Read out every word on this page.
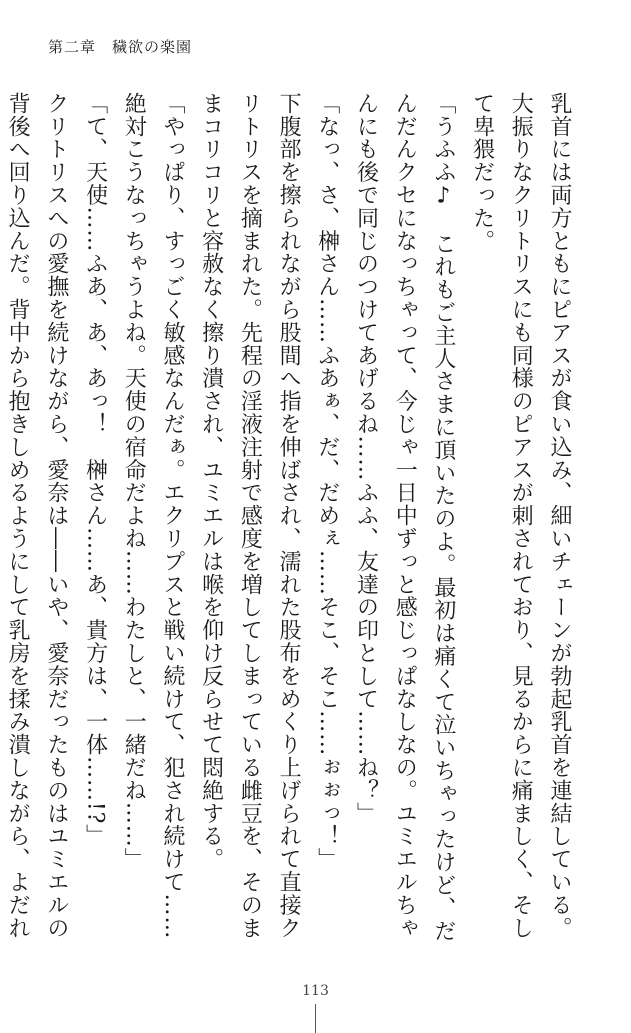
第二章 穢欲の楽園

乳首には両方ともにピアスが食い込み、細いチェーンが勃起乳首を連結している。大振りなクリトリスにも同様のピアスが刺されており、見るからに痛ましく、そして卑猥だった。

「うふふ♪　これもご主人さまに頂いたのよ。最初は痛くて泣いちゃったけど、だんだんクセになっちゃって、今じゃ一日中ずっと感じっぱなしなの。ユミエルちゃんにも後で同じのつけてあげるね……ふふ、友達の印として……ね？」

「なっ、さ、榊さん……ふあぁ、だ、だめぇ……そこ、そこ……ぉぉっ！」

下腹部を擦られながら股間へ指を伸ばされ、濡れた股布をめくり上げられて直接クリトリスを摘まれた。先程の淫液注射で感度を増してしまっている雌豆を、そのままコリコリと容赦なく擦り潰され、ユミエルは喉を仰け反らせて悶絶する。

「やっぱり、すっごく敏感なんだぁ。エクリプスと戦い続けて、犯され続けて……絶対こうなっちゃうよね。天使の宿命だよね……わたしと、一緒だね……」

「て、天使……ふあ、あ、あっ！　榊さん……あ、貴方は、一体……!?」

クリトリスへの愛撫を続けながら、愛奈は――いや、愛奈だったものはユミエルの背後へ回り込んだ。背中から抱きしめるようにして乳房を揉み潰しながら、よだれ

113
